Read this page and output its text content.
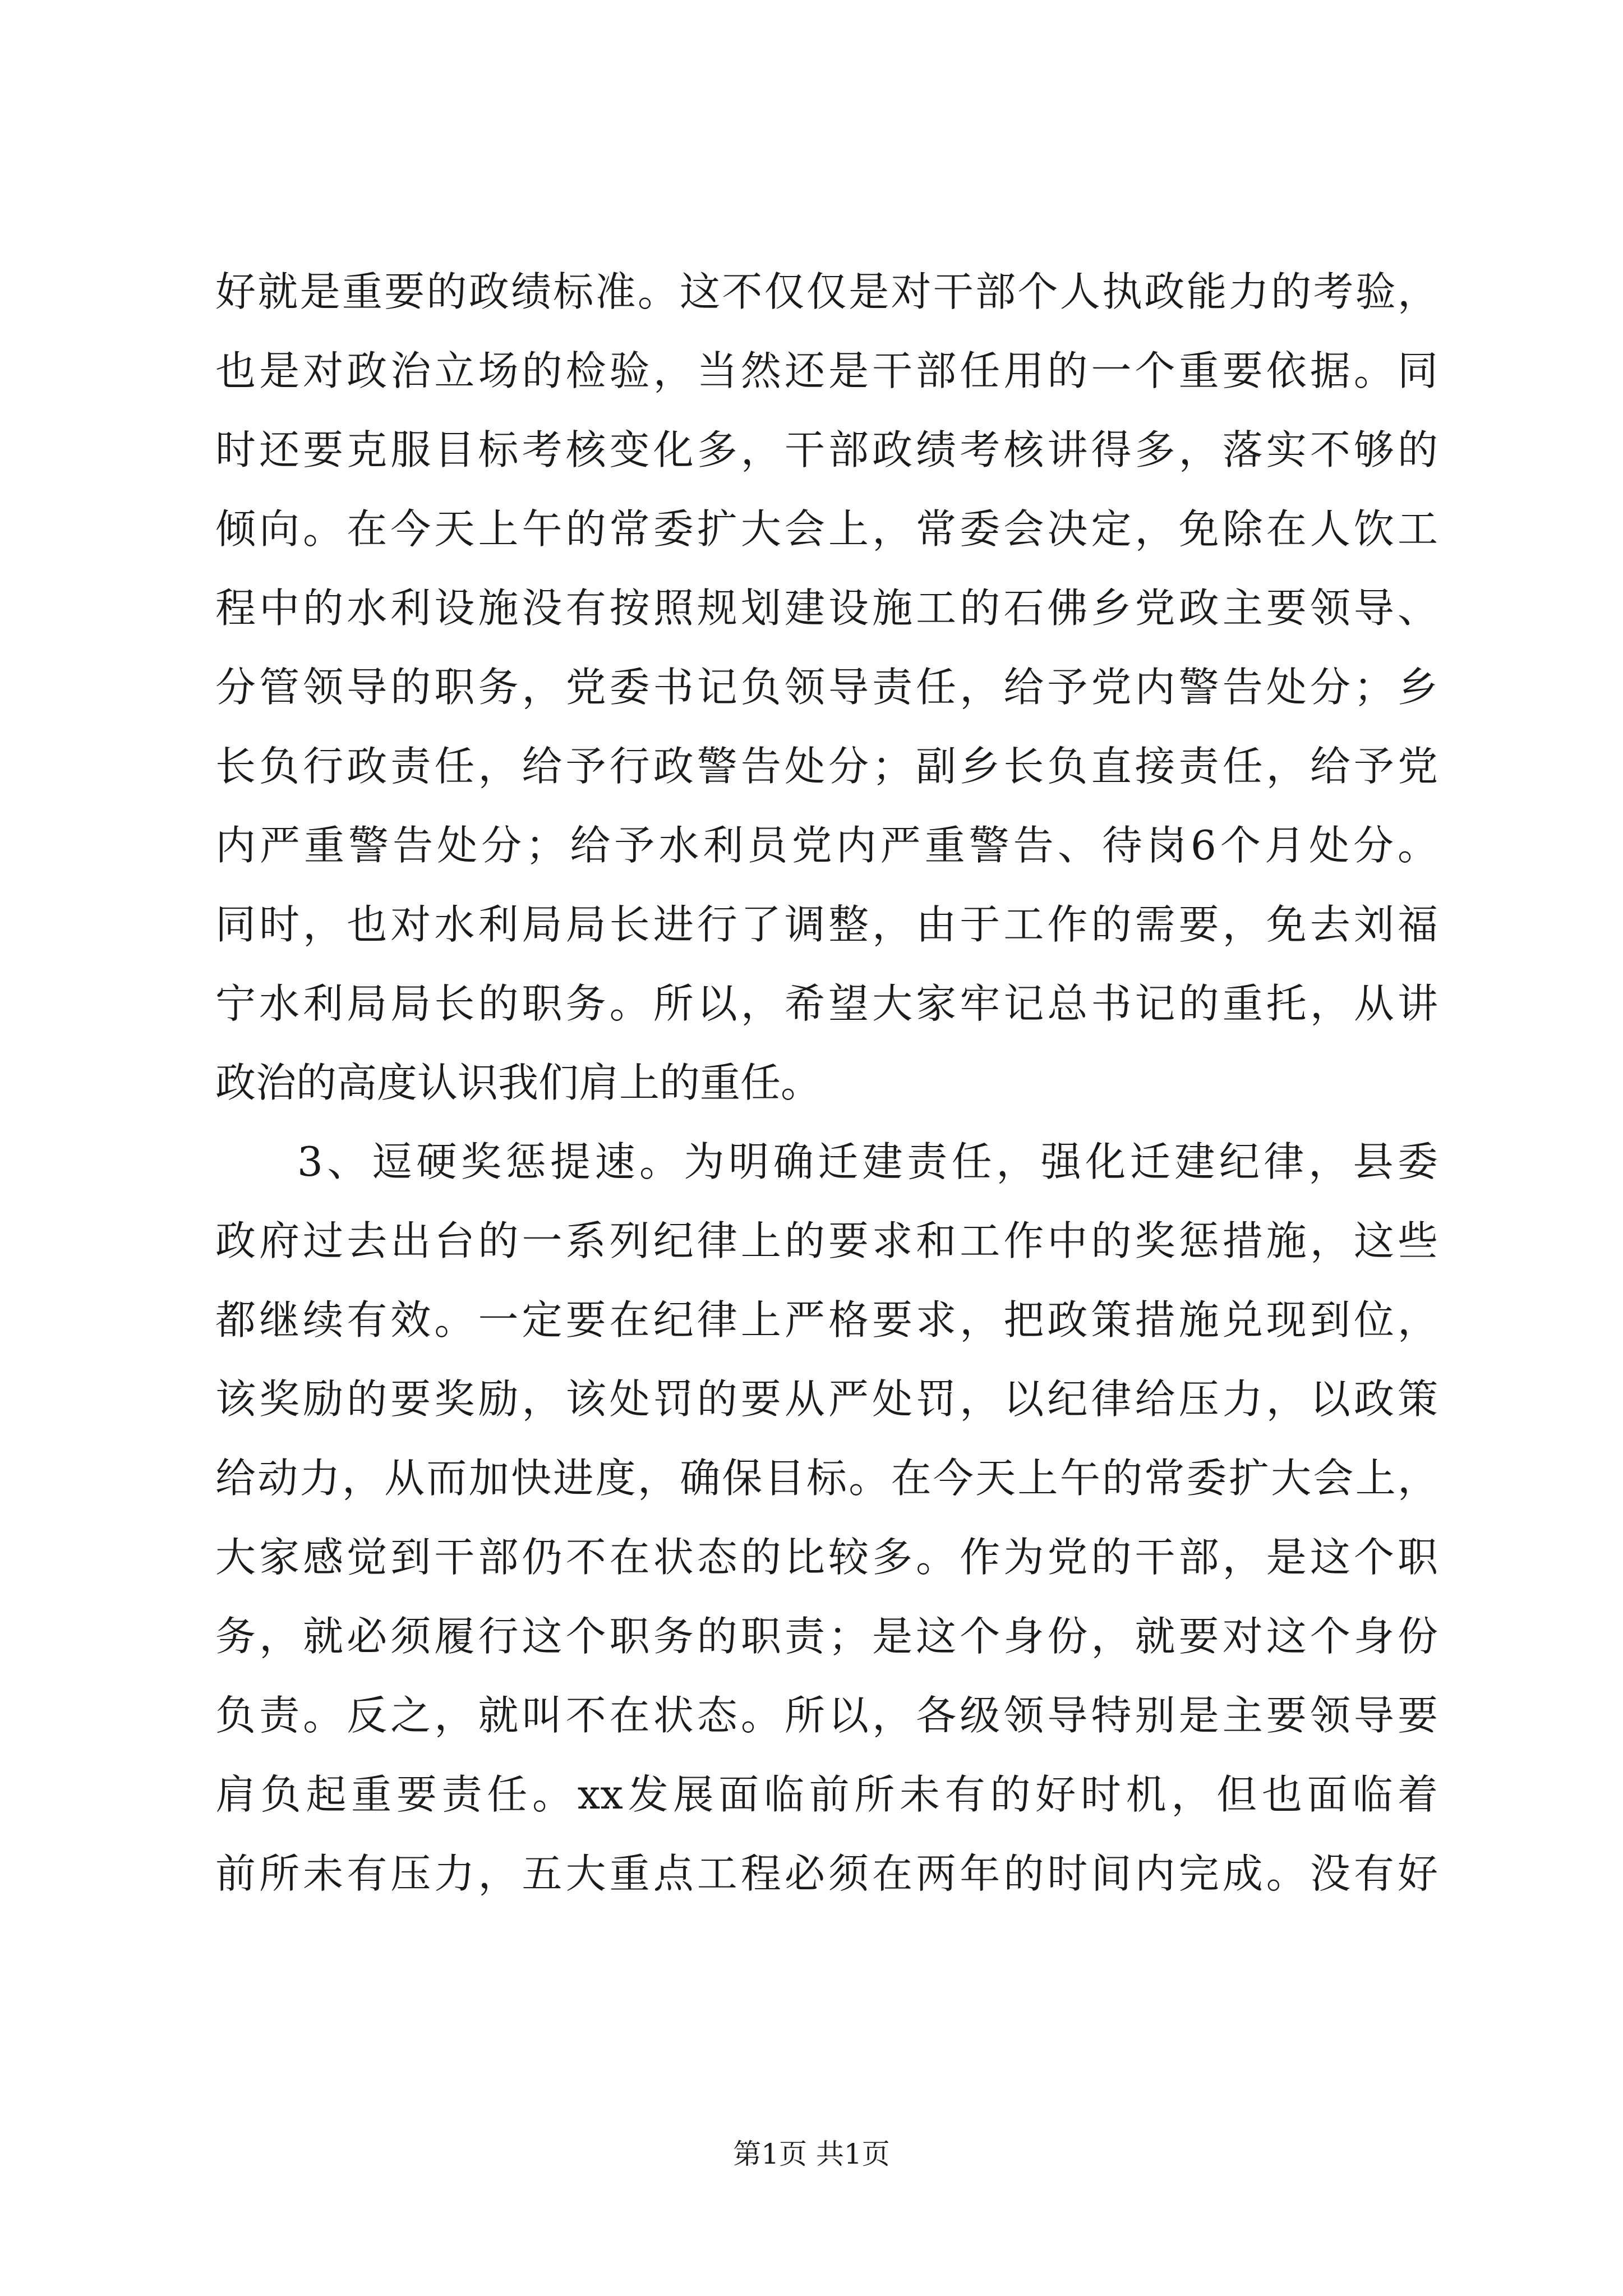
好就是重要的政绩标准。这不仅仅是对干部个人执政能力的考验，
也是对政治立场的检验，当然还是干部任用的一个重要依据。同
时还要克服目标考核变化多，干部政绩考核讲得多，落实不够的
倾向。在今天上午的常委扩大会上，常委会决定，免除在人饮工
程中的水利设施没有按照规划建设施工的石佛乡党政主要领导、
分管领导的职务，党委书记负领导责任，给予党内警告处分；乡
长负行政责任，给予行政警告处分；副乡长负直接责任，给予党
内严重警告处分；给予水利员党内严重警告、待岗6个月处分。
同时，也对水利局局长进行了调整，由于工作的需要，免去刘福
宁水利局局长的职务。所以，希望大家牢记总书记的重托，从讲
政治的高度认识我们肩上的重任。
3、逗硬奖惩提速。为明确迁建责任，强化迁建纪律，县委
政府过去出台的一系列纪律上的要求和工作中的奖惩措施，这些
都继续有效。一定要在纪律上严格要求，把政策措施兑现到位，
该奖励的要奖励，该处罚的要从严处罚，以纪律给压力，以政策
给动力，从而加快进度，确保目标。在今天上午的常委扩大会上，
大家感觉到干部仍不在状态的比较多。作为党的干部，是这个职
务，就必须履行这个职务的职责；是这个身份，就要对这个身份
负责。反之，就叫不在状态。所以，各级领导特别是主要领导要
肩负起重要责任。xx发展面临前所未有的好时机，但也面临着
前所未有压力，五大重点工程必须在两年的时间内完成。没有好
第1页 共1页
